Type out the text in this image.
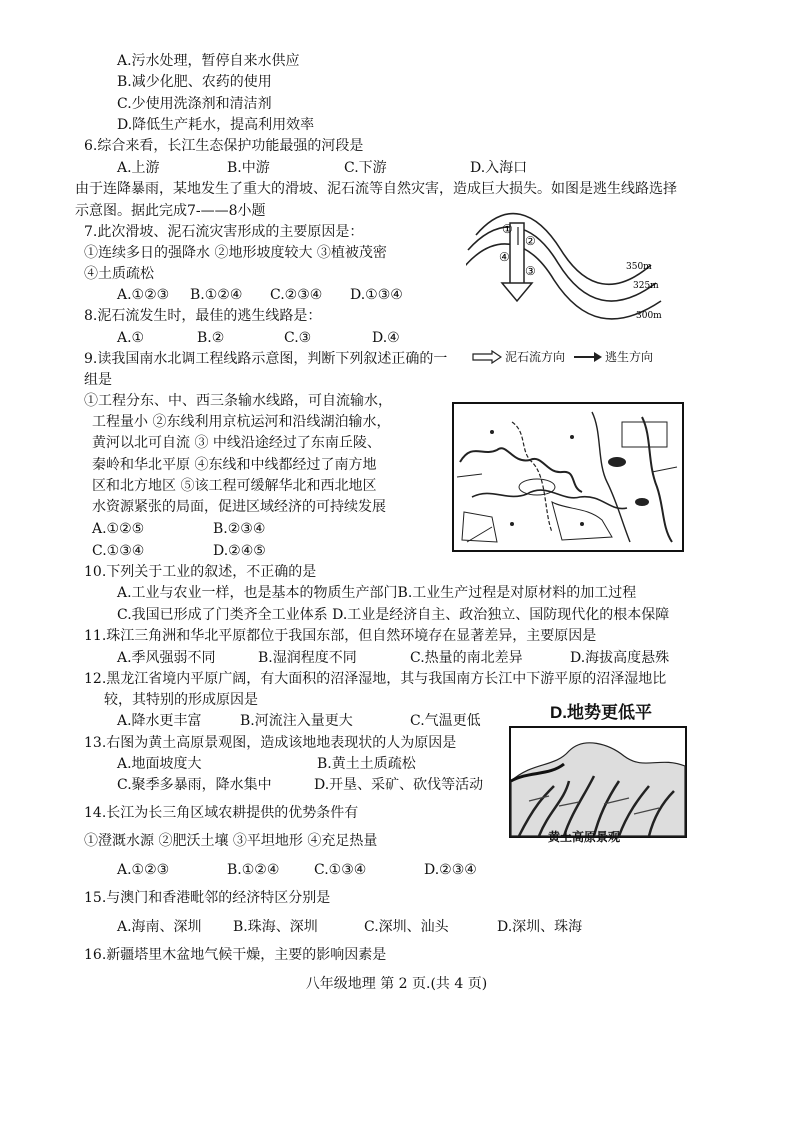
A.污水处理，暂停自来水供应
B.减少化肥、农药的使用
C.少使用洗涤剂和清洁剂
D.降低生产耗水，提高利用效率
6.综合来看，长江生态保护功能最强的河段是
A.上游	B.中游	C.下游	D.入海口
由于连降暴雨，某地发生了重大的滑坡、泥石流等自然灾害，造成巨大损失。如图是逃生线路选择
示意图。据此完成7-——8小题
7.此次滑坡、泥石流灾害形成的主要原因是：
①连续多日的强降水 ②地形坡度较大 ③植被茂密
④土质疏松
A.①②③ B.①②④ C.②③④ D.①③④
8.泥石流发生时，最佳的逃生线路是：
A.①	B.②	C.③	D.④
①
②
④
③	350m
325m
300m
泥石流方向	逃生方向
9.读我国南水北调工程线路示意图，判断下列叙述正确的一
组是
①工程分东、中、西三条输水线路，可自流输水，
工程量小 ②东线利用京杭运河和沿线湖泊输水，
黄河以北可自流 ③ 中线沿途经过了东南丘陵、
秦岭和华北平原 ④东线和中线都经过了南方地
区和北方地区 ⑤该工程可缓解华北和西北地区
水资源紧张的局面，促进区域经济的可持续发展
A.①②⑤	B.②③④
C.①③④	D.②④⑤
10.下列关于工业的叙述，不正确的是
A.工业与农业一样，也是基本的物质生产部门B.工业生产过程是对原材料的加工过程
C.我国已形成了门类齐全工业体系 D.工业是经济自主、政治独立、国防现代化的根本保障
11.珠江三角洲和华北平原都位于我国东部，但自然环境存在显著差异，主要原因是
A.季风强弱不同	B.湿润程度不同	C.热量的南北差异	D.海拔高度悬殊
12.黑龙江省境内平原广阔，有大面积的沼泽湿地，其与我国南方长江中下游平原的沼泽湿地比
较，其特别的形成原因是
A.降水更丰富	B.河流注入量更大	C.气温更低	D.地势更低平
13.右图为黄土高原景观图，造成该地地表现状的人为原因是
A.地面坡度大	B.黄土土质疏松
C.聚季多暴雨，降水集中	D.开垦、采矿、砍伐等活动
黄土高原景观
14.长江为长三角区域农耕提供的优势条件有
①澄溉水源 ②肥沃土壤 ③平坦地形 ④充足热量
A.①②③	B.①②④ C.①③④	D.②③④
15.与澳门和香港毗邻的经济特区分别是
A.海南、深圳 B.珠海、深圳	C.深圳、汕头	D.深圳、珠海
16.新疆塔里木盆地气候干燥，主要的影响因素是
八年级地理 第 2 页.(共 4 页)
